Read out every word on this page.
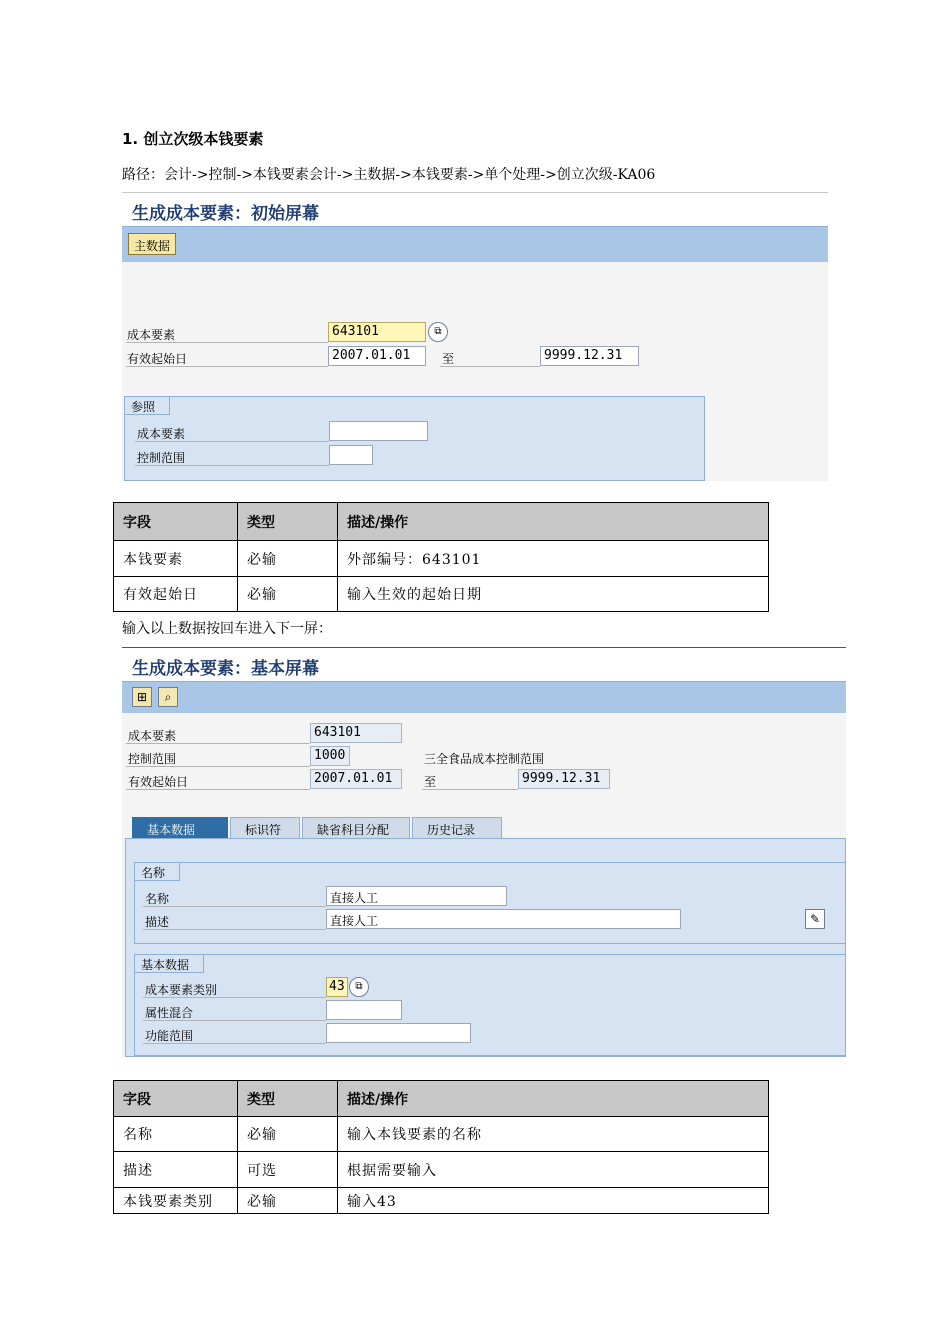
1. 创立次级本钱要素
路径：会计->控制->本钱要素会计->主数据->本钱要素->单个处理->创立次级-KA06
生成成本要素：初始屏幕
主数据
成本要素	643101	⧉
有效起始日	2007.01.01	至	9999.12.31
参照
成本要素
控制范围
字段	类型	描述/操作
本钱要素	必输	外部编号：643101
有效起始日	必输	输入生效的起始日期
输入以上数据按回车进入下一屏：
生成成本要素：基本屏幕
⊞	⌕
成本要素	643101
控制范围	1000	三全食品成本控制范围
有效起始日	2007.01.01	至	9999.12.31
基本数据	标识符	缺省科目分配	历史记录
名称
名称	直接人工
描述	直接人工	✎
基本数据
成本要素类别	43	⧉
属性混合
功能范围
字段	类型	描述/操作
名称	必输	输入本钱要素的名称
描述	可选	根据需要输入
本钱要素类别	必输	输入43
